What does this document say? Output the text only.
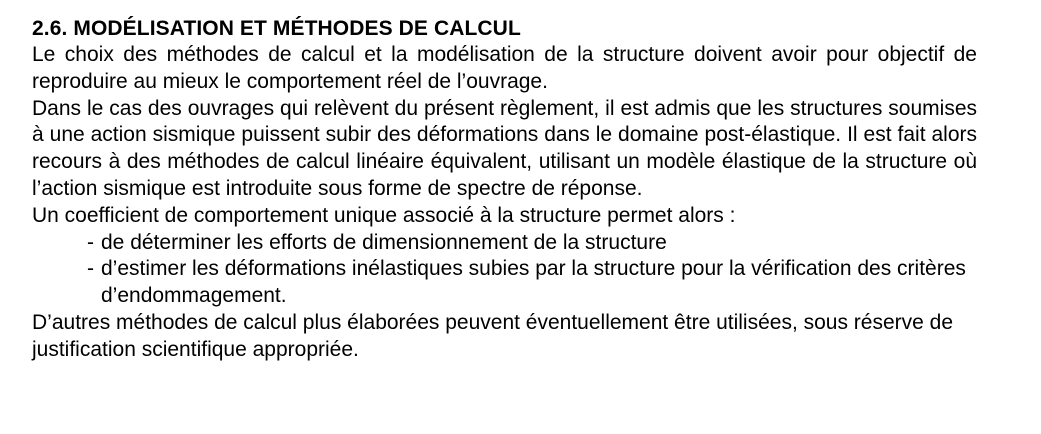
2.6. MODÉLISATION ET MÉTHODES DE CALCUL

Le choix des méthodes de calcul et la modélisation de la structure doivent avoir pour objectif de reproduire au mieux le comportement réel de l’ouvrage.

Dans le cas des ouvrages qui relèvent du présent règlement, il est admis que les structures soumises à une action sismique puissent subir des déformations dans le domaine post-élastique. Il est fait alors recours à des méthodes de calcul linéaire équivalent, utilisant un modèle élastique de la structure où l’action sismique est introduite sous forme de spectre de réponse.

Un coefficient de comportement unique associé à la structure permet alors :

- de déterminer les efforts de dimensionnement de la structure
- d’estimer les déformations inélastiques subies par la structure pour la vérification des critères d’endommagement.

D’autres méthodes de calcul plus élaborées peuvent éventuellement être utilisées, sous réserve de justification scientifique appropriée.
